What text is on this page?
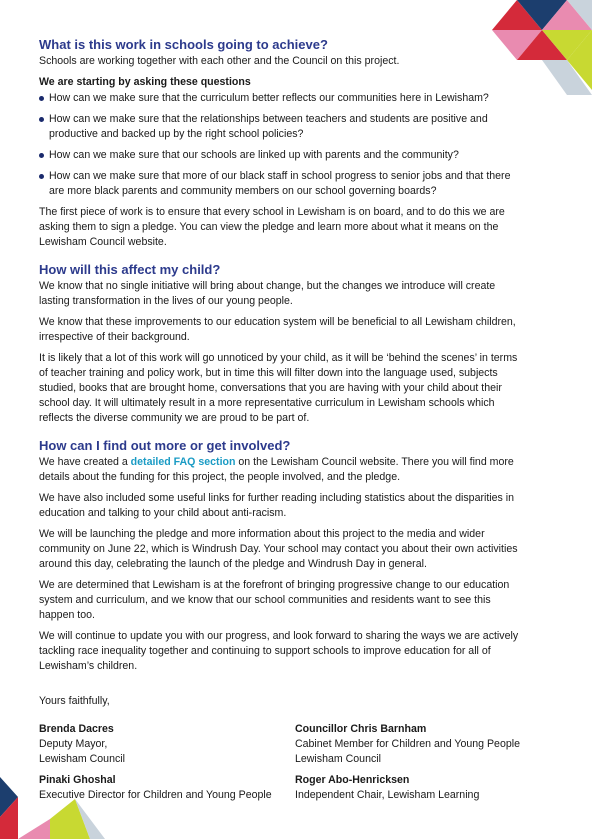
What is this work in schools going to achieve?

Schools are working together with each other and the Council on this project.

We are starting by asking these questions
How can we make sure that the curriculum better reflects our communities here in Lewisham?
How can we make sure that the relationships between teachers and students are positive and productive and backed up by the right school policies?
How can we make sure that our schools are linked up with parents and the community?
How can we make sure that more of our black staff in school progress to senior jobs and that there are more black parents and community members on our school governing boards?

The first piece of work is to ensure that every school in Lewisham is on board, and to do this we are asking them to sign a pledge. You can view the pledge and learn more about what it means on the Lewisham Council website.

How will this affect my child?

We know that no single initiative will bring about change, but the changes we introduce will create lasting transformation in the lives of our young people.

We know that these improvements to our education system will be beneficial to all Lewisham children, irrespective of their background.

It is likely that a lot of this work will go unnoticed by your child, as it will be ‘behind the scenes’ in terms of teacher training and policy work, but in time this will filter down into the language used, subjects studied, books that are brought home, conversations that you are having with your child about their school day. It will ultimately result in a more representative curriculum in Lewisham schools which reflects the diverse community we are proud to be part of.

How can I find out more or get involved?

We have created a detailed FAQ section on the Lewisham Council website. There you will find more details about the funding for this project, the people involved, and the pledge.

We have also included some useful links for further reading including statistics about the disparities in education and talking to your child about anti-racism.

We will be launching the pledge and more information about this project to the media and wider community on June 22, which is Windrush Day. Your school may contact you about their own activities around this day, celebrating the launch of the pledge and Windrush Day in general.

We are determined that Lewisham is at the forefront of bringing progressive change to our education system and curriculum, and we know that our school communities and residents want to see this happen too.

We will continue to update you with our progress, and look forward to sharing the ways we are actively tackling race inequality together and continuing to support schools to improve education for all of Lewisham’s children.

Yours faithfully,
Brenda Dacres
Deputy Mayor,
Lewisham Council
Councillor Chris Barnham
Cabinet Member for Children and Young People
Lewisham Council
Pinaki Ghoshal
Executive Director for Children and Young People
Roger Abo-Henricksen
Independent Chair, Lewisham Learning
